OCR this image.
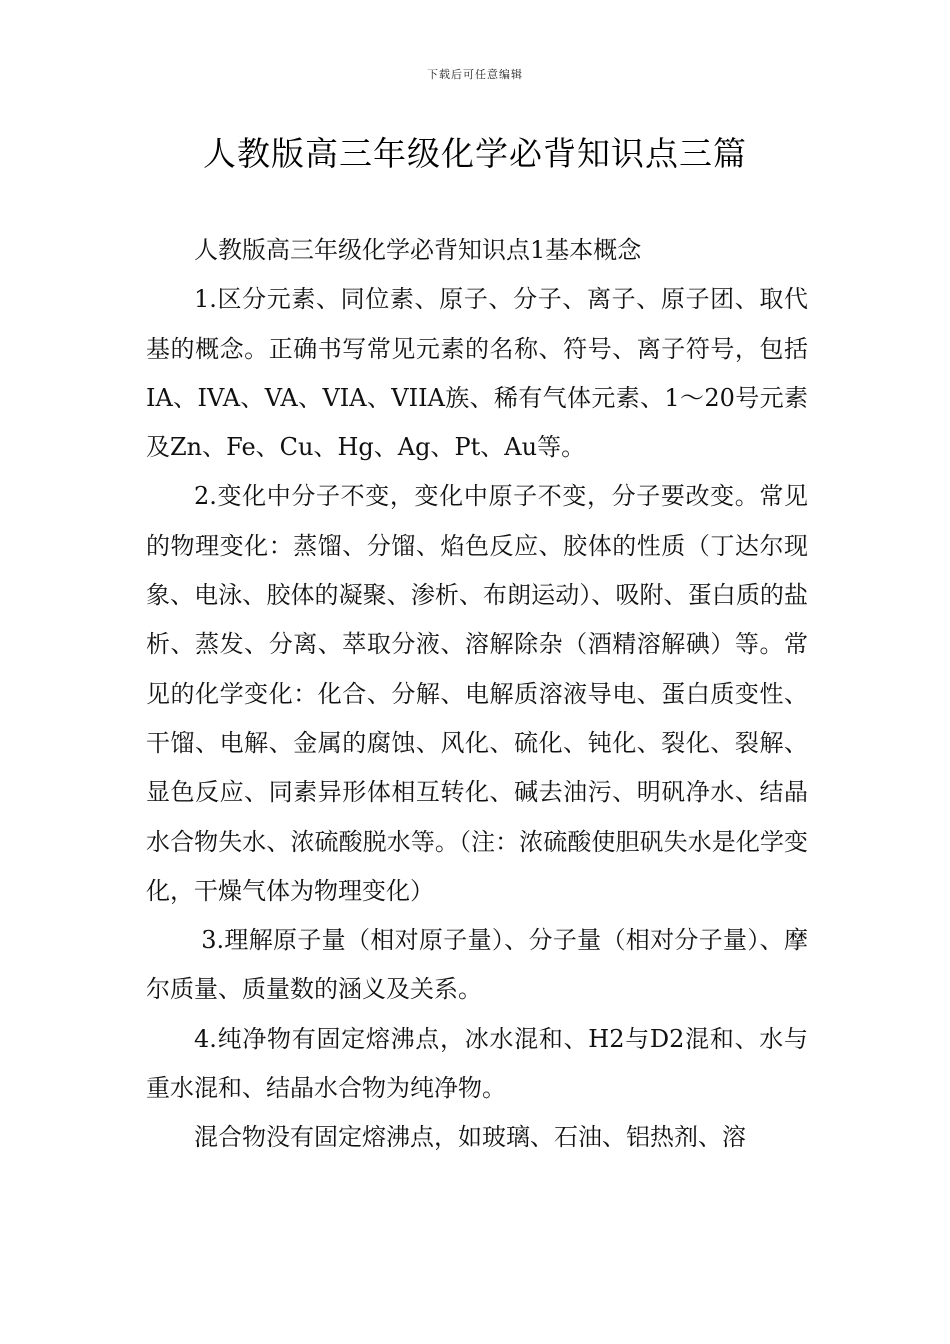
下载后可任意编辑
人教版高三年级化学必背知识点三篇

人教版高三年级化学必背知识点1基本概念

1.区分元素、同位素、原子、分子、离子、原子团、取代基的概念。正确书写常见元素的名称、符号、离子符号，包括IA、IVA、VA、VIA、VIIA族、稀有气体元素、1～20号元素及Zn、Fe、Cu、Hg、Ag、Pt、Au等。

2.变化中分子不变，变化中原子不变，分子要改变。常见的物理变化：蒸馏、分馏、焰色反应、胶体的性质（丁达尔现象、电泳、胶体的凝聚、渗析、布朗运动）、吸附、蛋白质的盐析、蒸发、分离、萃取分液、溶解除杂（酒精溶解碘）等。常见的化学变化：化合、分解、电解质溶液导电、蛋白质变性、干馏、电解、金属的腐蚀、风化、硫化、钝化、裂化、裂解、显色反应、同素异形体相互转化、碱去油污、明矾净水、结晶水合物失水、浓硫酸脱水等。（注：浓硫酸使胆矾失水是化学变化，干燥气体为物理变化）

3.理解原子量（相对原子量）、分子量（相对分子量）、摩尔质量、质量数的涵义及关系。

4.纯净物有固定熔沸点，冰水混和、H2与D2混和、水与重水混和、结晶水合物为纯净物。

混合物没有固定熔沸点，如玻璃、石油、铝热剂、溶
